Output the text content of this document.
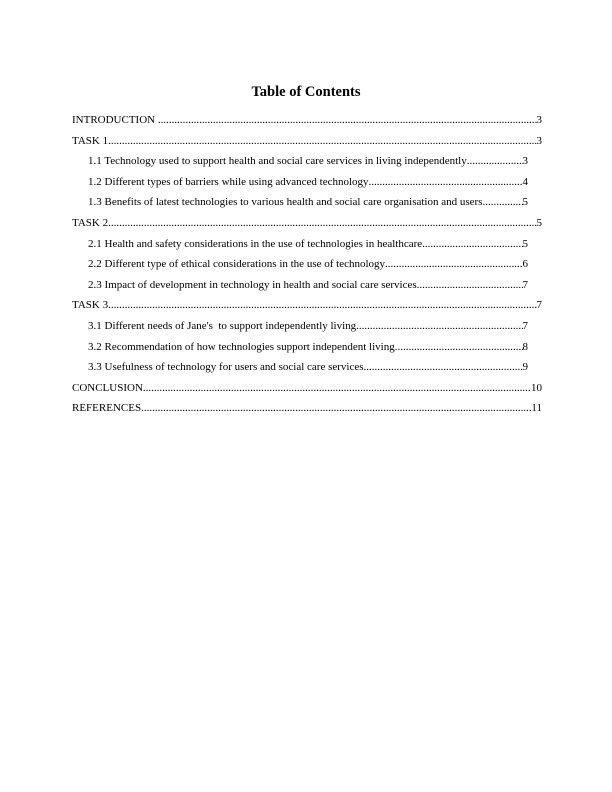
Table of Contents
INTRODUCTION .....	3
TASK 1 .....	3
1.1 Technology used to support health and social care services in living independently .....	3
1.2 Different types of barriers while using advanced technology .....	4
1.3 Benefits of latest technologies to various health and social care organisation and users. .....	5
TASK 2 .....	5
2.1 Health and safety considerations in the use of technologies in healthcare .....	5
2.2 Different type of ethical considerations in the use of technology .....	6
2.3 Impact of development in technology in health and social care services .....	7
TASK 3 .....	7
3.1 Different needs of Jane's  to support independently living .....	7
3.2 Recommendation of how technologies support independent living .....	8
3.3 Usefulness of technology for users and social care services .....	9
CONCLUSION .....	10
REFERENCES .....	11
